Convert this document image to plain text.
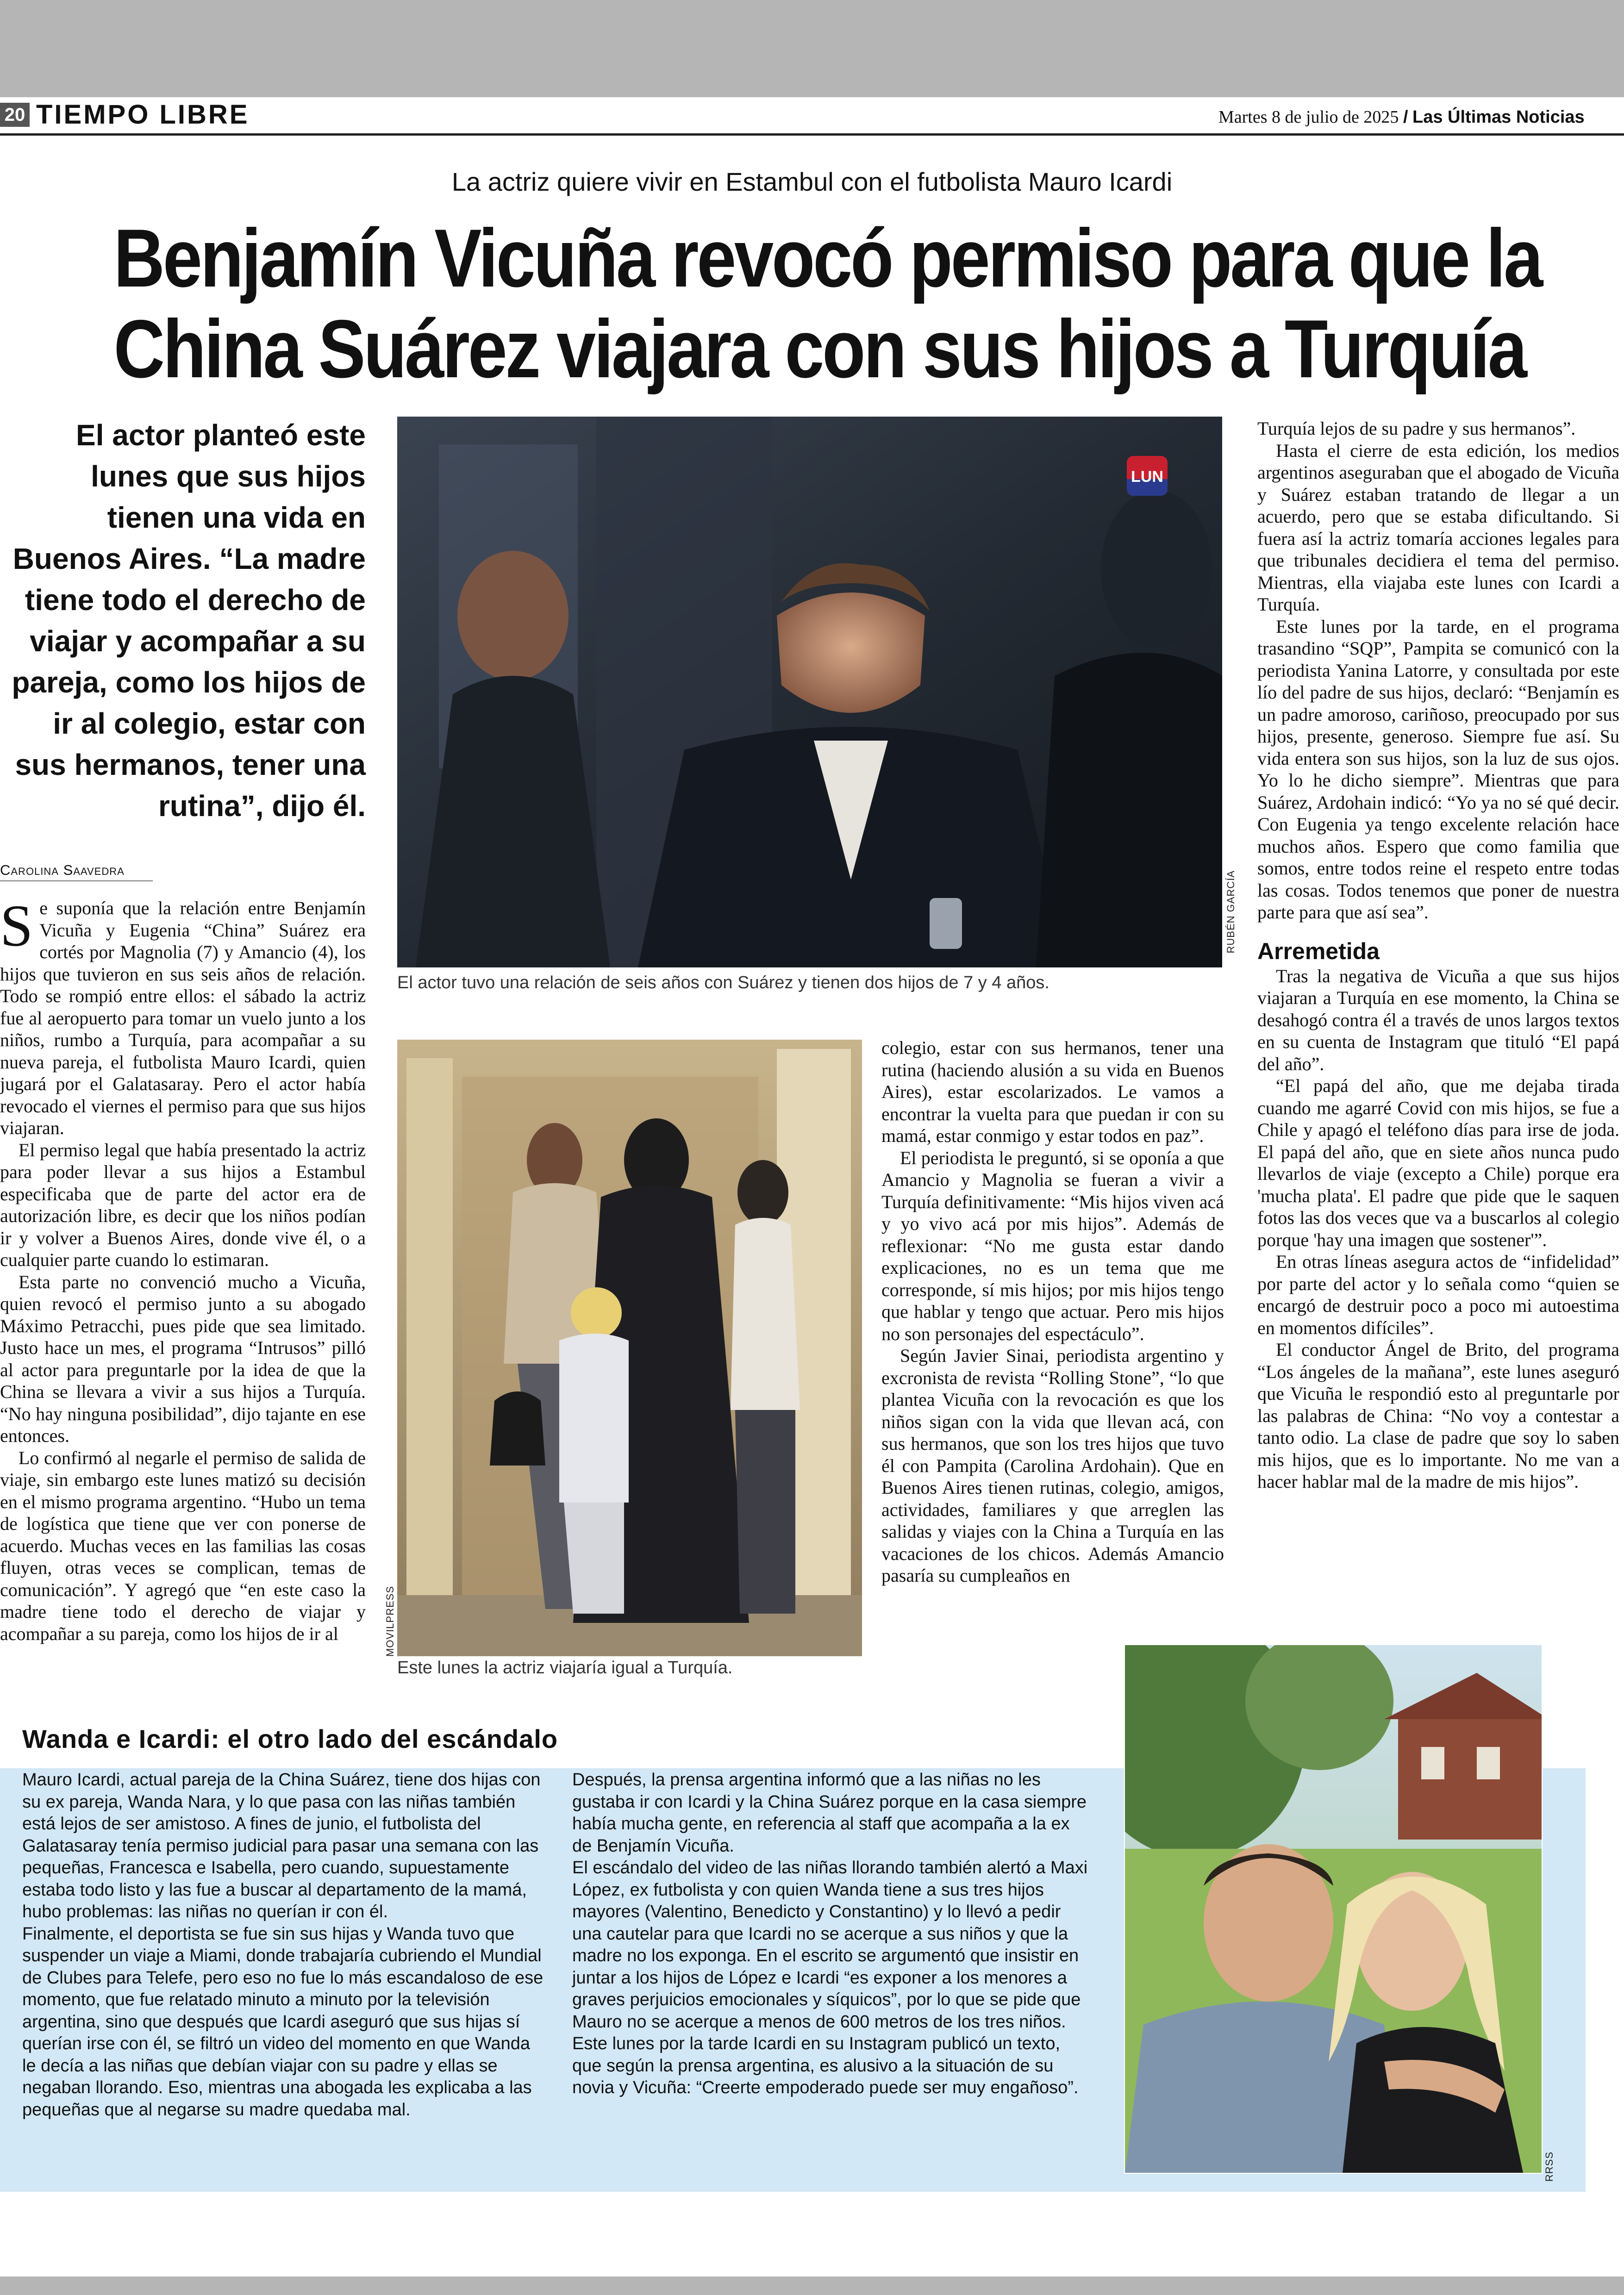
20 TIEMPO LIBRE	Martes 8 de julio de 2025 / Las Últimas Noticias
La actriz quiere vivir en Estambul con el futbolista Mauro Icardi
Benjamín Vicuña revocó permiso para que la
China Suárez viajara con sus hijos a Turquía
El actor planteó este lunes que sus hijos tienen una vida en Buenos Aires. “La madre tiene todo el derecho de viajar y acompañar a su pareja, como los hijos de ir al colegio, estar con sus hermanos, tener una rutina”, dijo él.
Carolina Saavedra
LUN
RUBÉN GARCÍA
El actor tuvo una relación de seis años con Suárez y tienen dos hijos de 7 y 4 años.
MOVILPRESS
Este lunes la actriz viajaría igual a Turquía.

Se suponía que la relación entre Benjamín Vicuña y Eugenia “China” Suárez era cortés por Magnolia (7) y Amancio (4), los hijos que tuvieron en sus seis años de relación. Todo se rompió entre ellos: el sábado la actriz fue al aeropuerto para tomar un vuelo junto a los niños, rumbo a Turquía, para acompañar a su nueva pareja, el futbolista Mauro Icardi, quien jugará por el Galatasaray. Pero el actor había revocado el viernes el permiso para que sus hijos viajaran.

El permiso legal que había presentado la actriz para poder llevar a sus hijos a Estambul especificaba que de parte del actor era de autorización libre, es decir que los niños podían ir y volver a Buenos Aires, donde vive él, o a cualquier parte cuando lo estimaran.

Esta parte no convenció mucho a Vicuña, quien revocó el permiso junto a su abogado Máximo Petracchi, pues pide que sea limitado. Justo hace un mes, el programa “Intrusos” pilló al actor para preguntarle por la idea de que la China se llevara a vivir a sus hijos a Turquía. “No hay ninguna posibilidad”, dijo tajante en ese entonces.

Lo confirmó al negarle el permiso de salida de viaje, sin embargo este lunes matizó su decisión en el mismo programa argentino. “Hubo un tema de logística que tiene que ver con ponerse de acuerdo. Muchas veces en las familias las cosas fluyen, otras veces se complican, temas de comunicación”. Y agregó que “en este caso la madre tiene todo el derecho de viajar y acompañar a su pareja, como los hijos de ir al

colegio, estar con sus hermanos, tener una rutina (haciendo alusión a su vida en Buenos Aires), estar escolarizados. Le vamos a encontrar la vuelta para que puedan ir con su mamá, estar conmigo y estar todos en paz”.

El periodista le preguntó, si se oponía a que Amancio y Magnolia se fueran a vivir a Turquía definitivamente: “Mis hijos viven acá y yo vivo acá por mis hijos”. Además de reflexionar: “No me gusta estar dando explicaciones, no es un tema que me corresponde, sí mis hijos; por mis hijos tengo que hablar y tengo que actuar. Pero mis hijos no son personajes del espectáculo”.

Según Javier Sinai, periodista argentino y excronista de revista “Rolling Stone”, “lo que plantea Vicuña con la revocación es que los niños sigan con la vida que llevan acá, con sus hermanos, que son los tres hijos que tuvo él con Pampita (Carolina Ardohain). Que en Buenos Aires tienen rutinas, colegio, amigos, actividades, familiares y que arreglen las salidas y viajes con la China a Turquía en las vacaciones de los chicos. Además Amancio pasaría su cumpleaños en

Turquía lejos de su padre y sus hermanos”.

Hasta el cierre de esta edición, los medios argentinos aseguraban que el abogado de Vicuña y Suárez estaban tratando de llegar a un acuerdo, pero que se estaba dificultando. Si fuera así la actriz tomaría acciones legales para que tribunales decidiera el tema del permiso. Mientras, ella viajaba este lunes con Icardi a Turquía.

Este lunes por la tarde, en el programa trasandino “SQP”, Pampita se comunicó con la periodista Yanina Latorre, y consultada por este lío del padre de sus hijos, declaró: “Benjamín es un padre amoroso, cariñoso, preocupado por sus hijos, presente, generoso. Siempre fue así. Su vida entera son sus hijos, son la luz de sus ojos. Yo lo he dicho siempre”. Mientras que para Suárez, Ardohain indicó: “Yo ya no sé qué decir. Con Eugenia ya tengo excelente relación hace muchos años. Espero que como familia que somos, entre todos reine el respeto entre todas las cosas. Todos tenemos que poner de nuestra parte para que así sea”.

Arremetida

Tras la negativa de Vicuña a que sus hijos viajaran a Turquía en ese momento, la China se desahogó contra él a través de unos largos textos en su cuenta de Instagram que tituló “El papá del año”.

“El papá del año, que me dejaba tirada cuando me agarré Covid con mis hijos, se fue a Chile y apagó el teléfono días para irse de joda. El papá del año, que en siete años nunca pudo llevarlos de viaje (excepto a Chile) porque era 'mucha plata'. El padre que pide que le saquen fotos las dos veces que va a buscarlos al colegio porque 'hay una imagen que sostener'”.

En otras líneas asegura actos de “infidelidad” por parte del actor y lo señala como “quien se encargó de destruir poco a poco mi autoestima en momentos difíciles”.

El conductor Ángel de Brito, del programa “Los ángeles de la mañana”, este lunes aseguró que Vicuña le respondió esto al preguntarle por las palabras de China: “No voy a contestar a tanto odio. La clase de padre que soy lo saben mis hijos, que es lo importante. No me van a hacer hablar mal de la madre de mis hijos”.

Wanda e Icardi: el otro lado del escándalo

Mauro Icardi, actual pareja de la China Suárez, tiene dos hijas con su ex pareja, Wanda Nara, y lo que pasa con las niñas también está lejos de ser amistoso. A fines de junio, el futbolista del Galatasaray tenía permiso judicial para pasar una semana con las pequeñas, Francesca e Isabella, pero cuando, supuestamente estaba todo listo y las fue a buscar al departamento de la mamá, hubo problemas: las niñas no querían ir con él.

Finalmente, el deportista se fue sin sus hijas y Wanda tuvo que suspender un viaje a Miami, donde trabajaría cubriendo el Mundial de Clubes para Telefe, pero eso no fue lo más escandaloso de ese momento, que fue relatado minuto a minuto por la televisión argentina, sino que después que Icardi aseguró que sus hijas sí querían irse con él, se filtró un video del momento en que Wanda le decía a las niñas que debían viajar con su padre y ellas se negaban llorando. Eso, mientras una abogada les explicaba a las pequeñas que al negarse su madre quedaba mal.

Después, la prensa argentina informó que a las niñas no les gustaba ir con Icardi y la China Suárez porque en la casa siempre había mucha gente, en referencia al staff que acompaña a la ex de Benjamín Vicuña.

El escándalo del video de las niñas llorando también alertó a Maxi López, ex futbolista y con quien Wanda tiene a sus tres hijos mayores (Valentino, Benedicto y Constantino) y lo llevó a pedir una cautelar para que Icardi no se acerque a sus niños y que la madre no los exponga. En el escrito se argumentó que insistir en juntar a los hijos de López e Icardi “es exponer a los menores a graves perjuicios emocionales y síquicos”, por lo que se pide que Mauro no se acerque a menos de 600 metros de los tres niños.

Este lunes por la tarde Icardi en su Instagram publicó un texto, que según la prensa argentina, es alusivo a la situación de su novia y Vicuña: “Creerte empoderado puede ser muy engañoso”.

RRSS
